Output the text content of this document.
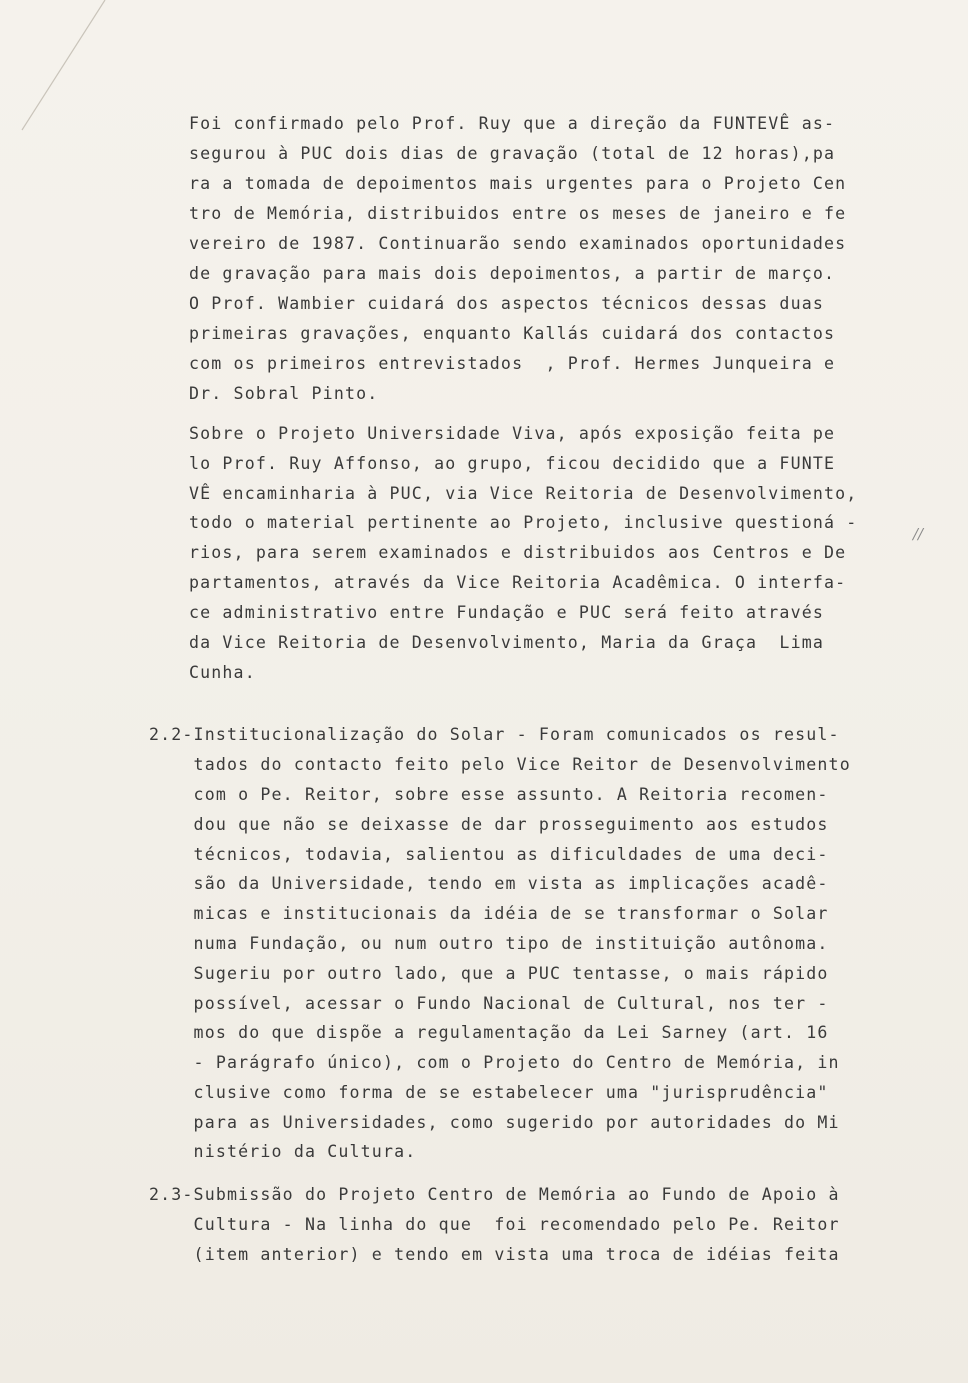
Foi confirmado pelo Prof. Ruy que a direção da FUNTEVÊ as-
segurou à PUC dois dias de gravação (total de 12 horas),pa
ra a tomada de depoimentos mais urgentes para o Projeto Cen
tro de Memória, distribuidos entre os meses de janeiro e fe
vereiro de 1987. Continuarão sendo examinados oportunidades
de gravação para mais dois depoimentos, a partir de março.
O Prof. Wambier cuidará dos aspectos técnicos dessas duas
primeiras gravações, enquanto Kallás cuidará dos contactos
com os primeiros entrevistados  , Prof. Hermes Junqueira e
Dr. Sobral Pinto.
Sobre o Projeto Universidade Viva, após exposição feita pe
lo Prof. Ruy Affonso, ao grupo, ficou decidido que a FUNTE
VÊ encaminharia à PUC, via Vice Reitoria de Desenvolvimento,
todo o material pertinente ao Projeto, inclusive questioná -
rios, para serem examinados e distribuidos aos Centros e De
partamentos, através da Vice Reitoria Acadêmica. O interfa-
ce administrativo entre Fundação e PUC será feito através
da Vice Reitoria de Desenvolvimento, Maria da Graça  Lima
Cunha.
//
2.2-Institucionalização do Solar - Foram comunicados os resul-
tados do contacto feito pelo Vice Reitor de Desenvolvimento
com o Pe. Reitor, sobre esse assunto. A Reitoria recomen-
dou que não se deixasse de dar prosseguimento aos estudos
técnicos, todavia, salientou as dificuldades de uma deci-
são da Universidade, tendo em vista as implicações acadê-
micas e institucionais da idéia de se transformar o Solar
numa Fundação, ou num outro tipo de instituição autônoma.
Sugeriu por outro lado, que a PUC tentasse, o mais rápido
possível, acessar o Fundo Nacional de Cultural, nos ter -
mos do que dispõe a regulamentação da Lei Sarney (art. 16
- Parágrafo único), com o Projeto do Centro de Memória, in
clusive como forma de se estabelecer uma "jurisprudência"
para as Universidades, como sugerido por autoridades do Mi
nistério da Cultura.
2.3-Submissão do Projeto Centro de Memória ao Fundo de Apoio à
Cultura - Na linha do que  foi recomendado pelo Pe. Reitor
(item anterior) e tendo em vista uma troca de idéias feita
